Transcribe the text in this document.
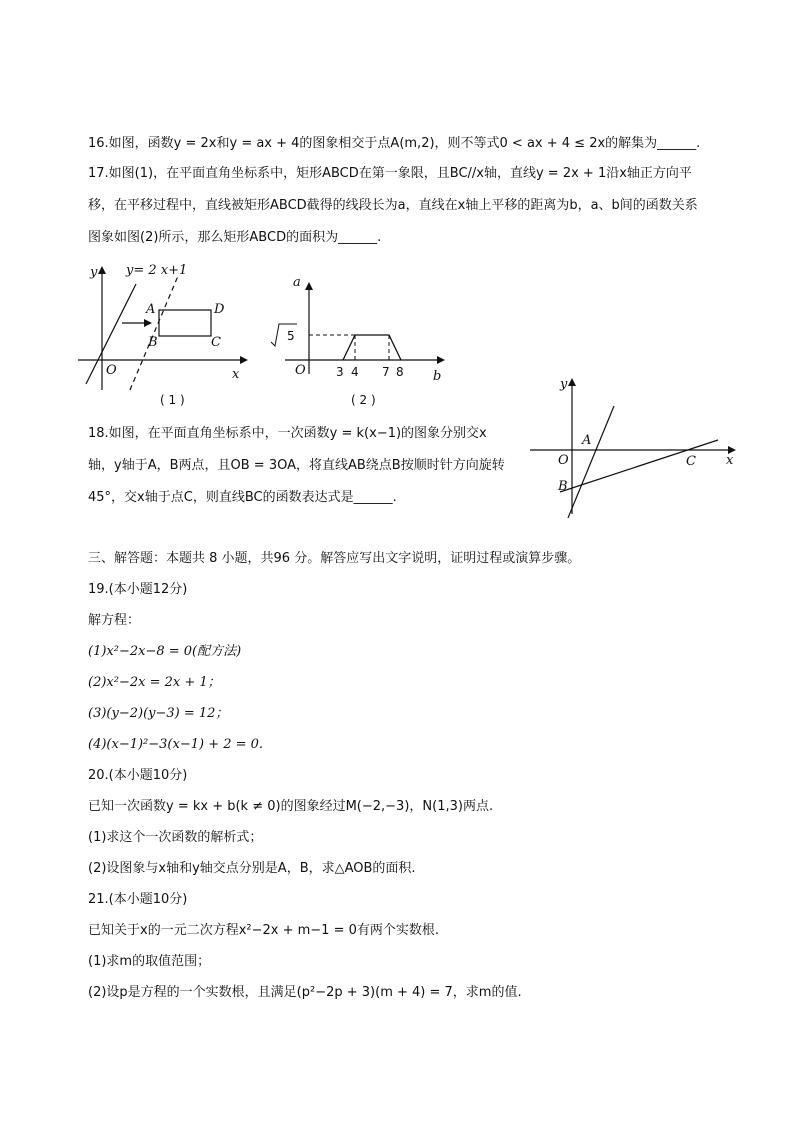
16.如图，函数y = 2x和y = ax + 4的图象相交于点A(m,2)，则不等式0 < ax + 4 ≤ 2x的解集为______.
17.如图(1)，在平面直角坐标系中，矩形ABCD在第一象限，且BC//x轴，直线y = 2x + 1沿x轴正方向平
移，在平移过程中，直线被矩形ABCD截得的线段长为a，直线在x轴上平移的距离为b，a、b间的函数关系
图象如图(2)所示，那么矩形ABCD的面积为______.
y y= 2 x+1
A	D
B	C
O	x
( 1 )
5
a
O	3 4 7 8 b
( 2 )
18.如图，在平面直角坐标系中，一次函数y = k(x−1)的图象分别交x
轴，y轴于A，B两点，且OB = 3OA，将直线AB绕点B按顺时针方向旋转
45°，交x轴于点C，则直线BC的函数表达式是______.
y
A
O
B
C x
三、解答题：本题共 8 小题，共96 分。解答应写出文字说明，证明过程或演算步骤。
19.(本小题12分)
解方程：
(1)x²−2x−8 = 0(配方法)
(2)x²−2x = 2x + 1；
(3)(y−2)(y−3) = 12；
(4)(x−1)²−3(x−1) + 2 = 0.
20.(本小题10分)
已知一次函数y = kx + b(k ≠ 0)的图象经过M(−2,−3)，N(1,3)两点.
(1)求这个一次函数的解析式；
(2)设图象与x轴和y轴交点分别是A，B，求△AOB的面积.
21.(本小题10分)
已知关于x的一元二次方程x²−2x + m−1 = 0有两个实数根.
(1)求m的取值范围；
(2)设p是方程的一个实数根，且满足(p²−2p + 3)(m + 4) = 7，求m的值.
